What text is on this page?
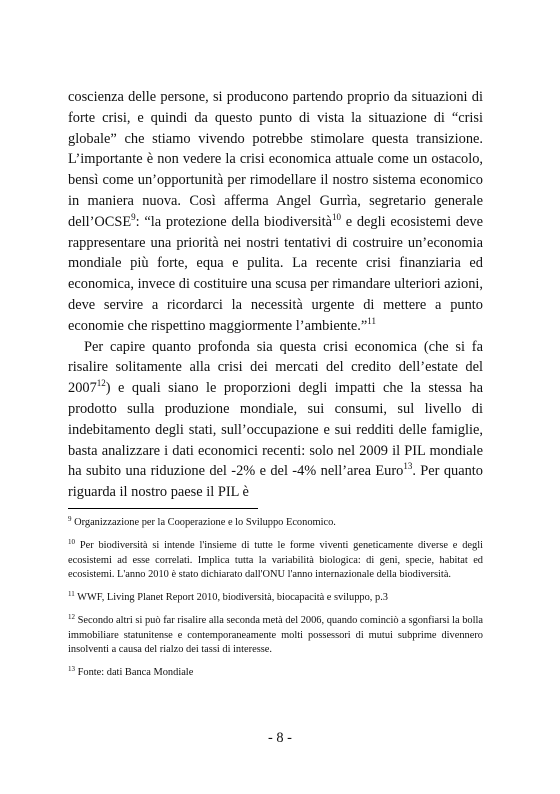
coscienza delle persone, si producono partendo proprio da situazioni di forte crisi, e quindi da questo punto di vista la situazione di “crisi globale” che stiamo vivendo potrebbe stimolare questa transizione. L’importante è non vedere la crisi economica attuale come un ostacolo, bensì come un’opportunità per rimodellare il nostro sistema economico in maniera nuova. Così afferma Angel Gurrìa, segretario generale dell’OCSE$^9$: “la protezione della biodiversità$^{10}$ e degli ecosistemi deve rappresentare una priorità nei nostri tentativi di costruire un’economia mondiale più forte, equa e pulita. La recente crisi finanziaria ed economica, invece di costituire una scusa per rimandare ulteriori azioni, deve servire a ricordarci la necessità urgente di mettere a punto economie che rispettino maggiormente l’ambiente.”$^{11}$

Per capire quanto profonda sia questa crisi economica (che si fa risalire solitamente alla crisi dei mercati del credito dell’estate del 2007$^{12}$) e quali siano le proporzioni degli impatti che la stessa ha prodotto sulla produzione mondiale, sui consumi, sul livello di indebitamento degli stati, sull’occupazione e sui redditi delle famiglie, basta analizzare i dati economici recenti: solo nel 2009 il PIL mondiale ha subito una riduzione del -2% e del -4% nell’area Euro$^{13}$. Per quanto riguarda il nostro paese il PIL è

$^9$ Organizzazione per la Cooperazione e lo Sviluppo Economico.

$^{10}$ Per biodiversità si intende l'insieme di tutte le forme viventi geneticamente diverse e degli ecosistemi ad esse correlati. Implica tutta la variabilità biologica: di geni, specie, habitat ed ecosistemi. L'anno 2010 è stato dichiarato dall'ONU l'anno internazionale della biodiversità.

$^{11}$ WWF, Living Planet Report 2010, biodiversità, biocapacità e sviluppo, p.3

$^{12}$ Secondo altri si può far risalire alla seconda metà del 2006, quando cominciò a sgonfiarsi la bolla immobiliare statunitense e contemporaneamente molti possessori di mutui subprime divennero insolventi a causa del rialzo dei tassi di interesse.

$^{13}$ Fonte: dati Banca Mondiale

- 8 -
